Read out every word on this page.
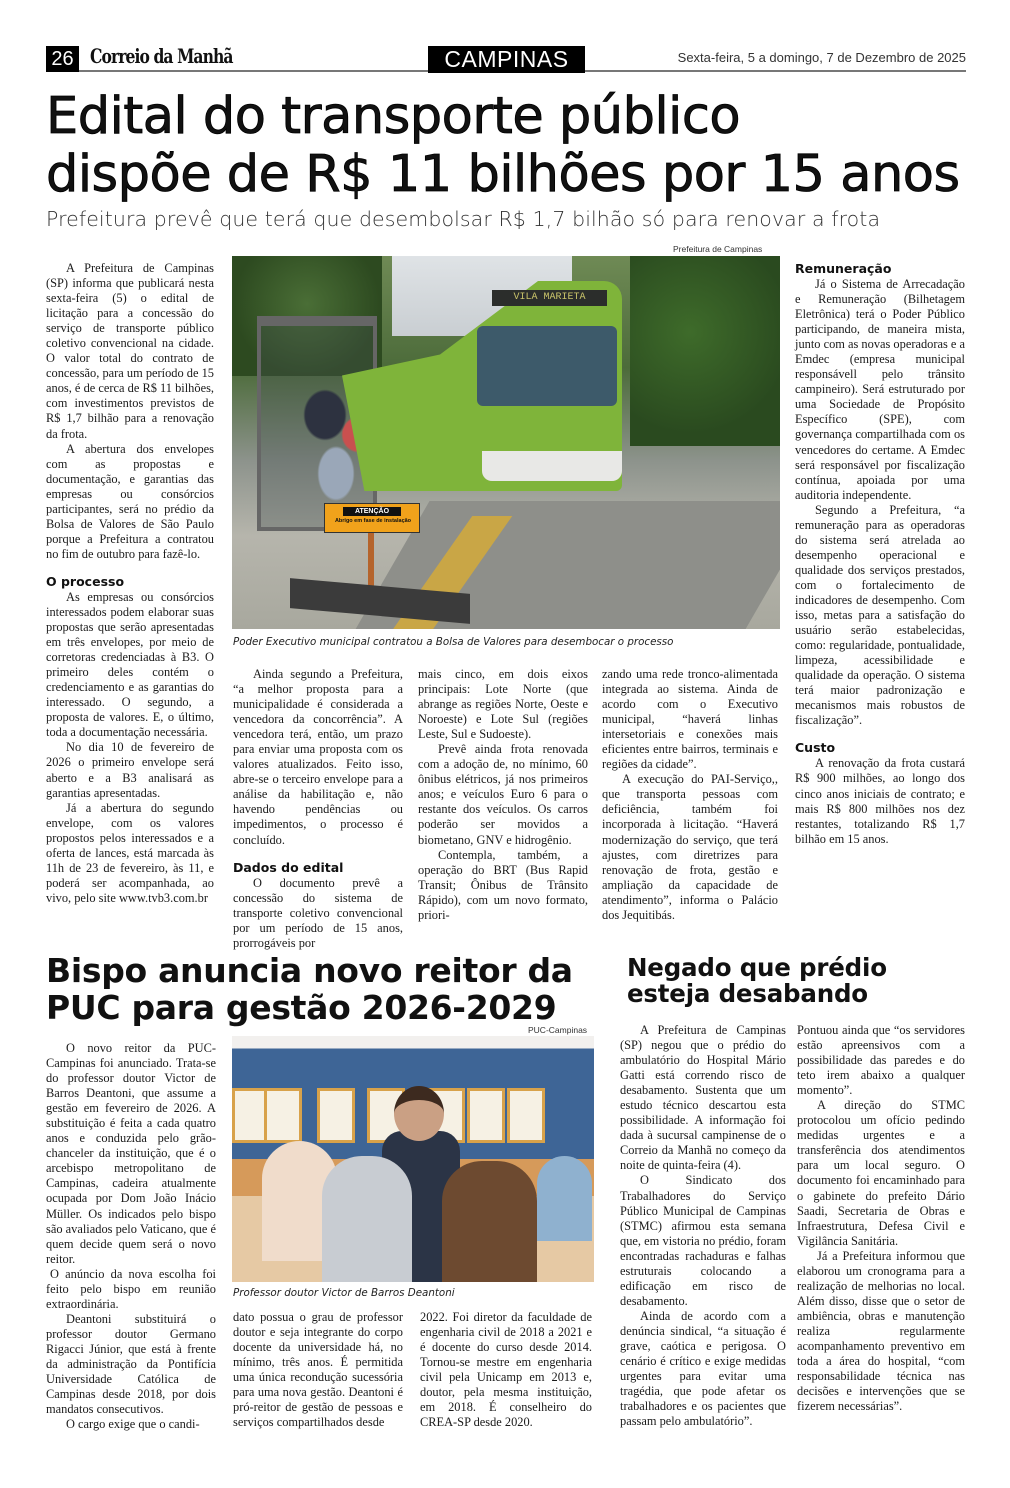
26 Correio da Manhã	CAMPINAS	Sexta-feira, 5 a domingo, 7 de Dezembro de 2025
Edital do transporte público
dispõe de R$ 11 bilhões por 15 anos
Prefeitura prevê que terá que desembolsar R$ 1,7 bilhão só para renovar a frota
Prefeitura de Campinas
VILA MARIETA
ATENÇÃO
Abrigo em fase de instalação
Poder Executivo municipal contratou a Bolsa de Valores para desembocar o processo

A Prefeitura de Campinas (SP) informa que publicará nesta sexta-feira (5) o edital de licitação para a concessão do serviço de transporte público coletivo convencional na cidade. O valor total do contrato de concessão, para um período de 15 anos, é de cerca de R$ 11 bilhões, com investimentos previstos de R$ 1,7 bilhão para a renovação da frota.

A abertura dos envelopes com as propostas e documentação, e garantias das empresas ou consórcios participantes, será no prédio da Bolsa de Valores de São Paulo porque a Prefeitura a contratou no fim de outubro para fazê-lo.

O processo

As empresas ou consórcios interessados podem elaborar suas propostas que serão apresentadas em três envelopes, por meio de corretoras credenciadas à B3. O primeiro deles contém o credenciamento e as garantias do interessado. O segundo, a proposta de valores. E, o último, toda a documentação necessária.

No dia 10 de fevereiro de 2026 o primeiro envelope será aberto e a B3 analisará as garantias apresentadas.

Já a abertura do segundo envelope, com os valores propostos pelos interessados e a oferta de lances, está marcada às 11h de 23 de fevereiro, às 11, e poderá ser acompanhada, ao vivo, pelo site www.tvb3.com.br

Ainda segundo a Prefeitura, “a melhor proposta para a municipalidade é considerada a vencedora da concorrência”. A vencedora terá, então, um prazo para enviar uma proposta com os valores atualizados. Feito isso, abre-se o terceiro envelope para a análise da habilitação e, não havendo pendências ou impedimentos, o processo é concluído.

Dados do edital

O documento prevê a concessão do sistema de transporte coletivo convencional por um período de 15 anos, prorrogáveis por

mais cinco, em dois eixos principais: Lote Norte (que abrange as regiões Norte, Oeste e Noroeste) e Lote Sul (regiões Leste, Sul e Sudoeste).

Prevê ainda frota renovada com a adoção de, no mínimo, 60 ônibus elétricos, já nos primeiros anos; e veículos Euro 6 para o restante dos veículos. Os carros poderão ser movidos a biometano, GNV e hidrogênio.

Contempla, também, a operação do BRT (Bus Rapid Transit; Ônibus de Trânsito Rápido), com um novo formato, priori-

zando uma rede tronco-alimentada integrada ao sistema. Ainda de acordo com o Executivo municipal, “haverá linhas intersetoriais e conexões mais eficientes entre bairros, terminais e regiões da cidade”.

A execução do PAI-Serviço,, que transporta pessoas com deficiência, também foi incorporada à licitação. “Haverá modernização do serviço, que terá ajustes, com diretrizes para renovação de frota, gestão e ampliação da capacidade de atendimento”, informa o Palácio dos Jequitibás.

Remuneração

Já o Sistema de Arrecadação e Remuneração (Bilhetagem Eletrônica) terá o Poder Público participando, de maneira mista, junto com as novas operadoras e a Emdec (empresa municipal responsávell pelo trânsito campineiro). Será estruturado por uma Sociedade de Propósito Específico (SPE), com governança compartilhada com os vencedores do certame. A Emdec será responsável por fiscalização contínua, apoiada por uma auditoria independente.

Segundo a Prefeitura, “a remuneração para as operadoras do sistema será atrelada ao desempenho operacional e qualidade dos serviços prestados, com o fortalecimento de indicadores de desempenho. Com isso, metas para a satisfação do usuário serão estabelecidas, como: regularidade, pontualidade, limpeza, acessibilidade e qualidade da operação. O sistema terá maior padronização e mecanismos mais robustos de fiscalização”.

Custo

A renovação da frota custará R$ 900 milhões, ao longo dos cinco anos iniciais de contrato; e mais R$ 800 milhões nos dez restantes, totalizando R$ 1,7 bilhão em 15 anos.

Bispo anuncia novo reitor da
PUC para gestão 2026-2029
PUC-Campinas
Professor doutor Victor de Barros Deantoni

O novo reitor da PUC-Campinas foi anunciado. Trata-se do professor doutor Victor de Barros Deantoni, que assume a gestão em fevereiro de 2026. A substituição é feita a cada quatro anos e conduzida pelo grão-chanceler da instituição, que é o arcebispo metropolitano de Campinas, cadeira atualmente ocupada por Dom João Inácio Müller. Os indicados pelo bispo são avaliados pelo Vaticano, que é quem decide quem será o novo reitor.

O anúncio da nova escolha foi feito pelo bispo em reunião extraordinária.

Deantoni substituirá o professor doutor Germano Rigacci Júnior, que está à frente da administração da Pontifícia Universidade Católica de Campinas desde 2018, por dois mandatos consecutivos.

O cargo exige que o candi-

dato possua o grau de professor doutor e seja integrante do corpo docente da universidade há, no mínimo, três anos. É permitida uma única recondução sucessória para uma nova gestão. Deantoni é pró-reitor de gestão de pessoas e serviços compartilhados desde
2022. Foi diretor da faculdade de engenharia civil de 2018 a 2021 e é docente do curso desde 2014. Tornou-se mestre em engenharia civil pela Unicamp em 2013 e, doutor, pela mesma instituição, em 2018. É conselheiro do CREA-SP desde 2020.
Negado que prédio
esteja desabando

A Prefeitura de Campinas (SP) negou que o prédio do ambulatório do Hospital Mário Gatti está correndo risco de desabamento. Sustenta que um estudo técnico descartou esta possibilidade. A informação foi dada à sucursal campinense de o Correio da Manhã no começo da noite de quinta-feira (4).

O Sindicato dos Trabalhadores do Serviço Público Municipal de Campinas (STMC) afirmou esta semana que, em vistoria no prédio, foram encontradas rachaduras e falhas estruturais colocando a edificação em risco de desabamento.

Ainda de acordo com a denúncia sindical, “a situação é grave, caótica e perigosa. O cenário é crítico e exige medidas urgentes para evitar uma tragédia, que pode afetar os trabalhadores e os pacientes que passam pelo ambulatório”.

Pontuou ainda que “os servidores estão apreensivos com a possibilidade das paredes e do teto irem abaixo a qualquer momento”.

A direção do STMC protocolou um ofício pedindo medidas urgentes e a transferência dos atendimentos para um local seguro. O documento foi encaminhado para o gabinete do prefeito Dário Saadi, Secretaria de Obras e Infraestrutura, Defesa Civil e Vigilância Sanitária.

Já a Prefeitura informou que elaborou um cronograma para a realização de melhorias no local. Além disso, disse que o setor de ambiência, obras e manutenção realiza regularmente acompanhamento preventivo em toda a área do hospital, “com responsabilidade técnica nas decisões e intervenções que se fizerem necessárias”.
